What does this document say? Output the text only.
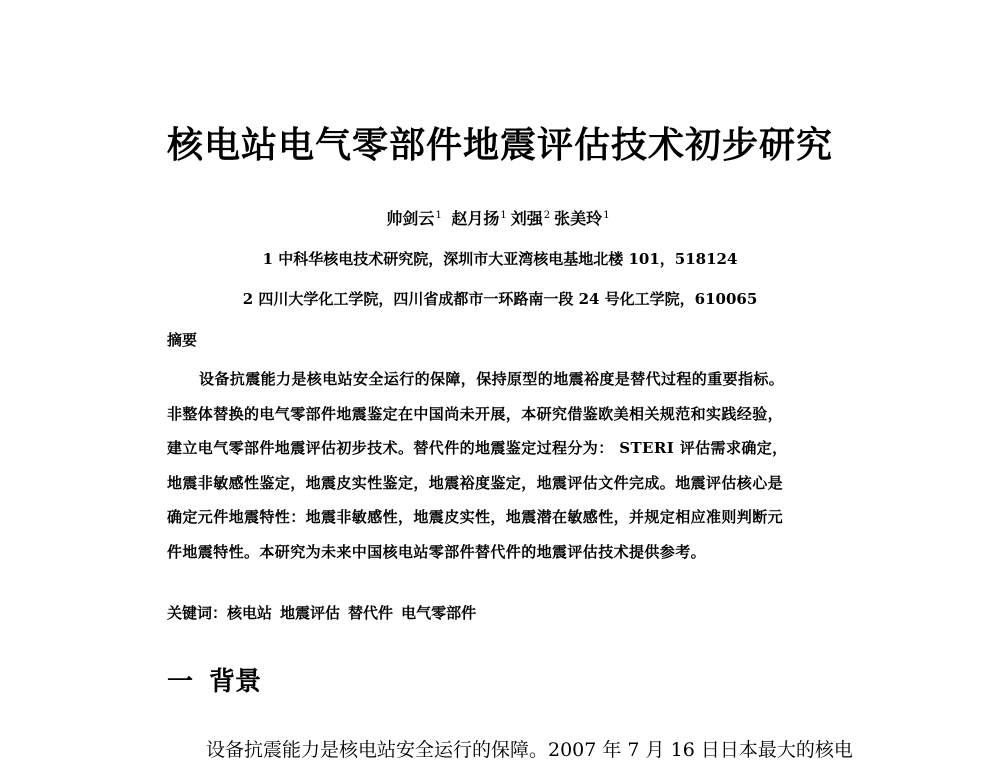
核电站电气零部件地震评估技术初步研究
帅剑云$^1$ 赵月扬$^1$ 刘强$^2$ 张美玲$^1$
1 中科华核电技术研究院，深圳市大亚湾核电基地北楼 101，518124
2 四川大学化工学院，四川省成都市一环路南一段 24 号化工学院，610065
摘要
设备抗震能力是核电站安全运行的保障，保持原型的地震裕度是替代过程的重要指标。
非整体替换的电气零部件地震鉴定在中国尚未开展，本研究借鉴欧美相关规范和实践经验，
建立电气零部件地震评估初步技术。替代件的地震鉴定过程分为： STERI 评估需求确定，
地震非敏感性鉴定，地震皮实性鉴定，地震裕度鉴定，地震评估文件完成。地震评估核心是
确定元件地震特性：地震非敏感性，地震皮实性，地震潜在敏感性，并规定相应准则判断元
件地震特性。本研究为未来中国核电站零部件替代件的地震评估技术提供参考。
关键词：核电站 地震评估 替代件 电气零部件
一 背景
设备抗震能力是核电站安全运行的保障。2007 年 7 月 16 日日本最大的核电
